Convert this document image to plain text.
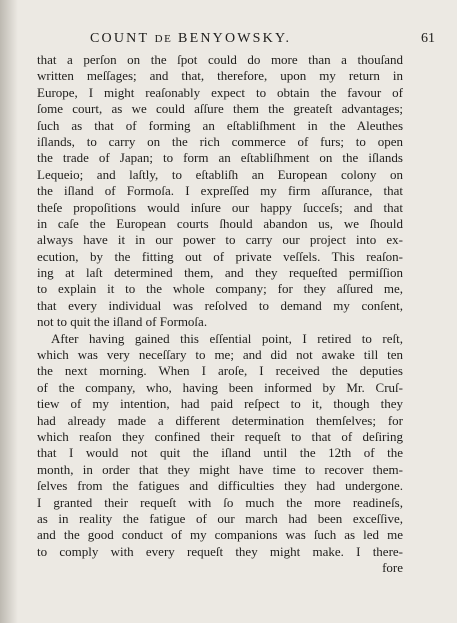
COUNT DE BENYOWSKY.	61
that a perſon on the ſpot could do more than a thouſand
written meſſages; and that, therefore, upon my return in
Europe, I might reaſonably expect to obtain the favour of
ſome court, as we could aſſure them the greateſt advantages;
ſuch as that of forming an eſtabliſhment in the Aleuthes
iſlands, to carry on the rich commerce of furs; to open
the trade of Japan; to form an eſtabliſhment on the iſlands
Lequeio; and laſtly, to eſtabliſh an European colony on
the iſland of Formoſa. I expreſſed my firm aſſurance, that
theſe propoſitions would inſure our happy ſucceſs; and that
in caſe the European courts ſhould abandon us, we ſhould
always have it in our power to carry our project into ex-
ecution, by the fitting out of private veſſels. This reaſon-
ing at laſt determined them, and they requeſted permiſſion
to explain it to the whole company; for they aſſured me,
that every individual was reſolved to demand my conſent,
not to quit the iſland of Formoſa.
After having gained this eſſential point, I retired to reſt,
which was very neceſſary to me; and did not awake till ten
the next morning. When I aroſe, I received the deputies
of the company, who, having been informed by Mr. Cruſ-
tiew of my intention, had paid reſpect to it, though they
had already made a different determination themſelves; for
which reaſon they confined their requeſt to that of deſiring
that I would not quit the iſland until the 12th of the
month, in order that they might have time to recover them-
ſelves from the fatigues and difficulties they had undergone.
I granted their requeſt with ſo much the more readineſs,
as in reality the fatigue of our march had been exceſſive,
and the good conduct of my companions was ſuch as led me
to comply with every requeſt they might make. I there-
fore
